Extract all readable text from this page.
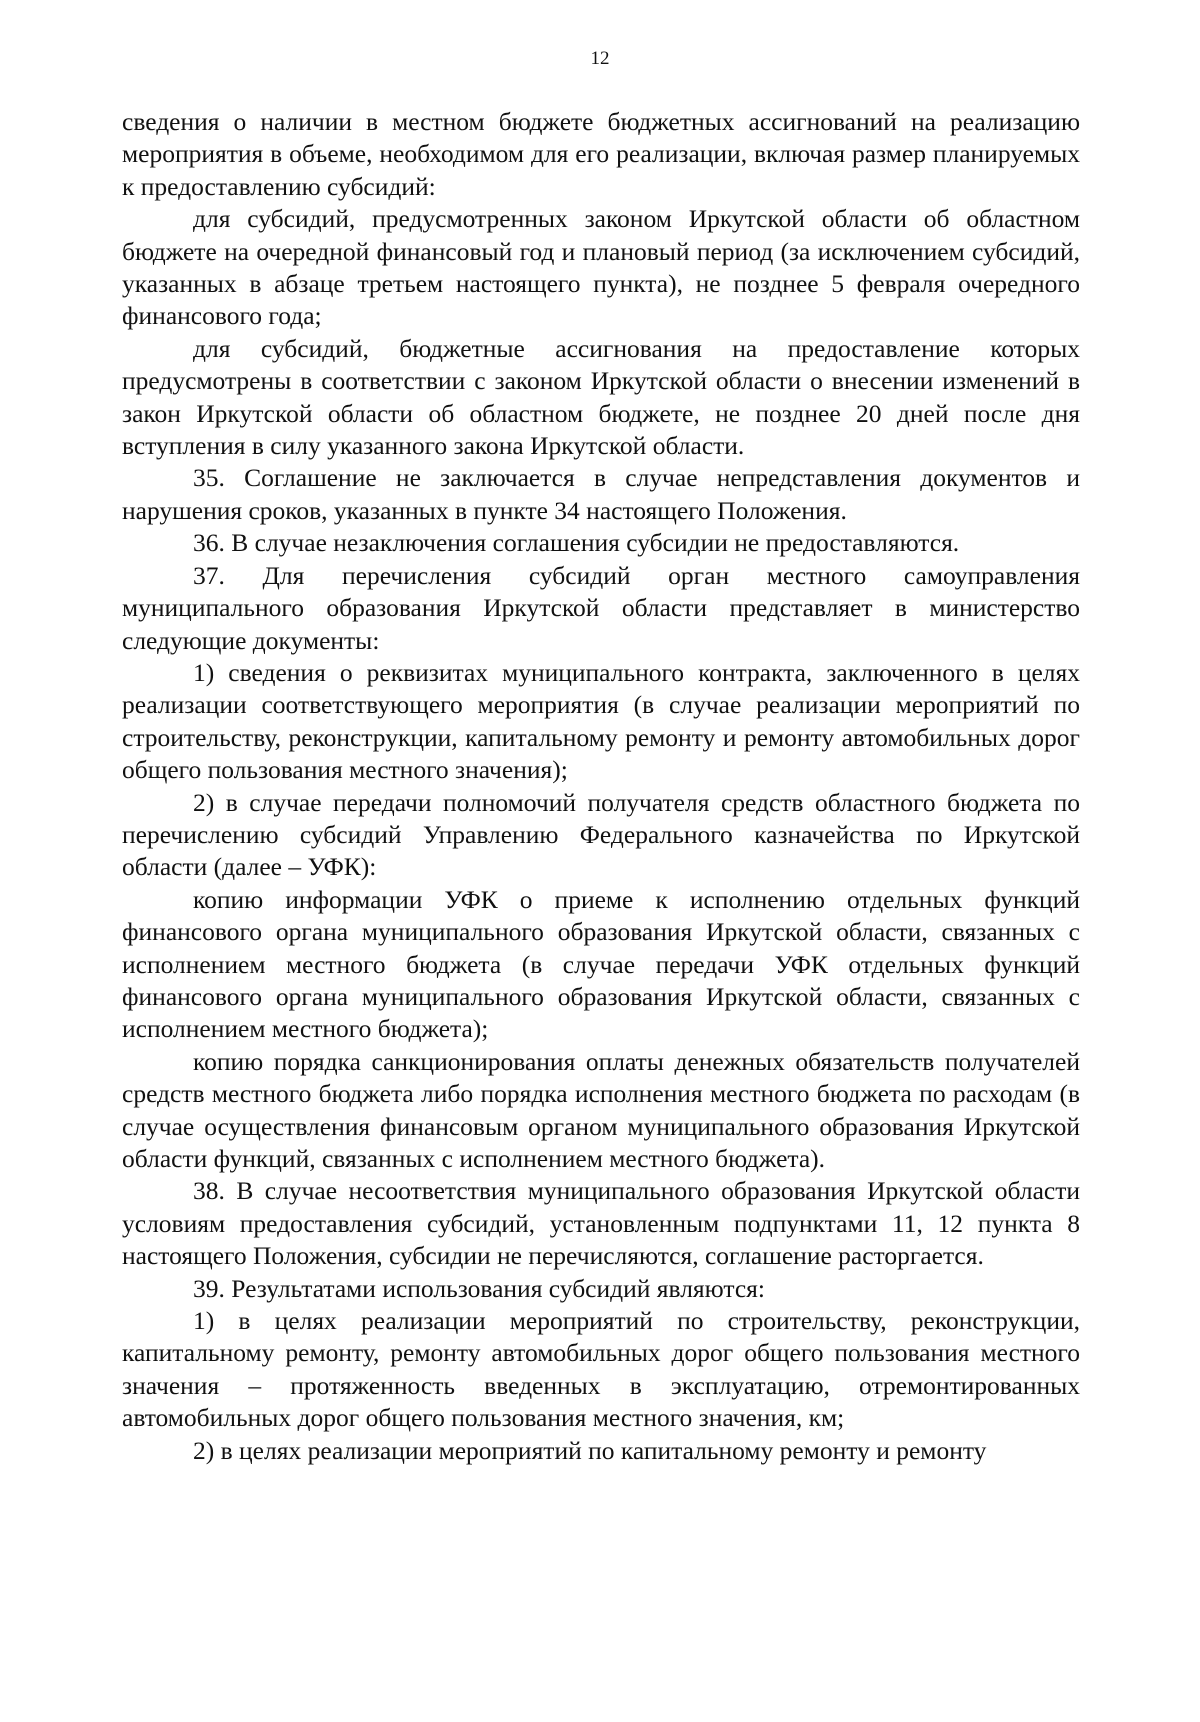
12

сведения о наличии в местном бюджете бюджетных ассигнований на реализацию мероприятия в объеме, необходимом для его реализации, включая размер планируемых к предоставлению субсидий:

для субсидий, предусмотренных законом Иркутской области об областном бюджете на очередной финансовый год и плановый период (за исключением субсидий, указанных в абзаце третьем настоящего пункта), не позднее 5 февраля очередного финансового года;

для субсидий, бюджетные ассигнования на предоставление которых предусмотрены в соответствии с законом Иркутской области о внесении изменений в закон Иркутской области об областном бюджете, не позднее 20 дней после дня вступления в силу указанного закона Иркутской области.

35. Соглашение не заключается в случае непредставления документов и нарушения сроков, указанных в пункте 34 настоящего Положения.

36. В случае незаключения соглашения субсидии не предоставляются.

37. Для перечисления субсидий орган местного самоуправления муниципального образования Иркутской области представляет в министерство следующие документы:

1) сведения о реквизитах муниципального контракта, заключенного в целях реализации соответствующего мероприятия (в случае реализации мероприятий по строительству, реконструкции, капитальному ремонту и ремонту автомобильных дорог общего пользования местного значения);

2) в случае передачи полномочий получателя средств областного бюджета по перечислению субсидий Управлению Федерального казначейства по Иркутской области (далее – УФК):

копию информации УФК о приеме к исполнению отдельных функций финансового органа муниципального образования Иркутской области, связанных с исполнением местного бюджета (в случае передачи УФК отдельных функций финансового органа муниципального образования Иркутской области, связанных с исполнением местного бюджета);

копию порядка санкционирования оплаты денежных обязательств получателей средств местного бюджета либо порядка исполнения местного бюджета по расходам (в случае осуществления финансовым органом муниципального образования Иркутской области функций, связанных с исполнением местного бюджета).

38. В случае несоответствия муниципального образования Иркутской области условиям предоставления субсидий, установленным подпунктами 11, 12 пункта 8 настоящего Положения, субсидии не перечисляются, соглашение расторгается.

39. Результатами использования субсидий являются:

1) в целях реализации мероприятий по строительству, реконструкции, капитальному ремонту, ремонту автомобильных дорог общего пользования местного значения – протяженность введенных в эксплуатацию, отремонтированных автомобильных дорог общего пользования местного значения, км;

2) в целях реализации мероприятий по капитальному ремонту и ремонту
